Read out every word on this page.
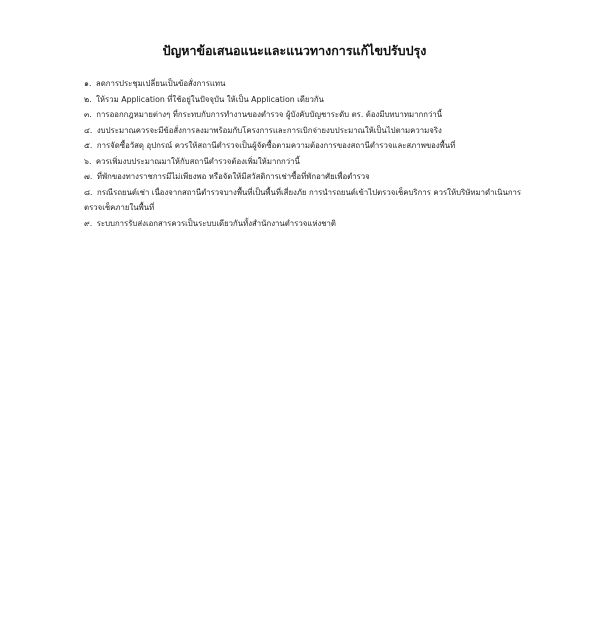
ปัญหาข้อเสนอแนะและแนวทางการแก้ไขปรับปรุง
๑. ลดการประชุมเปลี่ยนเป็นข้อสั่งการแทน
๒. ให้รวม Application ที่ใช้อยู่ในปัจจุบัน ให้เป็น Application เดียวกัน
๓. การออกกฎหมายต่างๆ ที่กระทบกับการทำงานของตำรวจ ผู้บังคับบัญชาระดับ ตร. ต้องมีบทบาทมากกว่านี้
๔. งบประมาณควรจะมีข้อสั่งการลงมาพร้อมกับโครงการและการเบิกจ่ายงบประมาณให้เป็นไปตามความจริง
๕. การจัดซื้อวัสดุ อุปกรณ์ ควรให้สถานีตำรวจเป็นผู้จัดซื้อตามความต้องการของสถานีตำรวจและสภาพของพื้นที่
๖. ควรเพิ่มงบประมาณมาให้กับสถานีตำรวจต้องเพิ่มให้มากกว่านี้
๗. ที่พักของทางราชการมีไม่เพียงพอ หรือจัดให้มีสวัสดิการเช่าซื้อที่พักอาศัยเพื่อตำรวจ
๘. กรณีรถยนต์เช่า เนื่องจากสถานีตำรวจบางพื้นที่เป็นพื้นที่เสี่ยงภัย การนำรถยนต์เข้าไปตรวจเช็คบริการ ควรให้บริษัทมาดำเนินการตรวจเช็คภายในพื้นที่
๙. ระบบการรับส่งเอกสารควรเป็นระบบเดียวกันทั้งสำนักงานตำรวจแห่งชาติ
